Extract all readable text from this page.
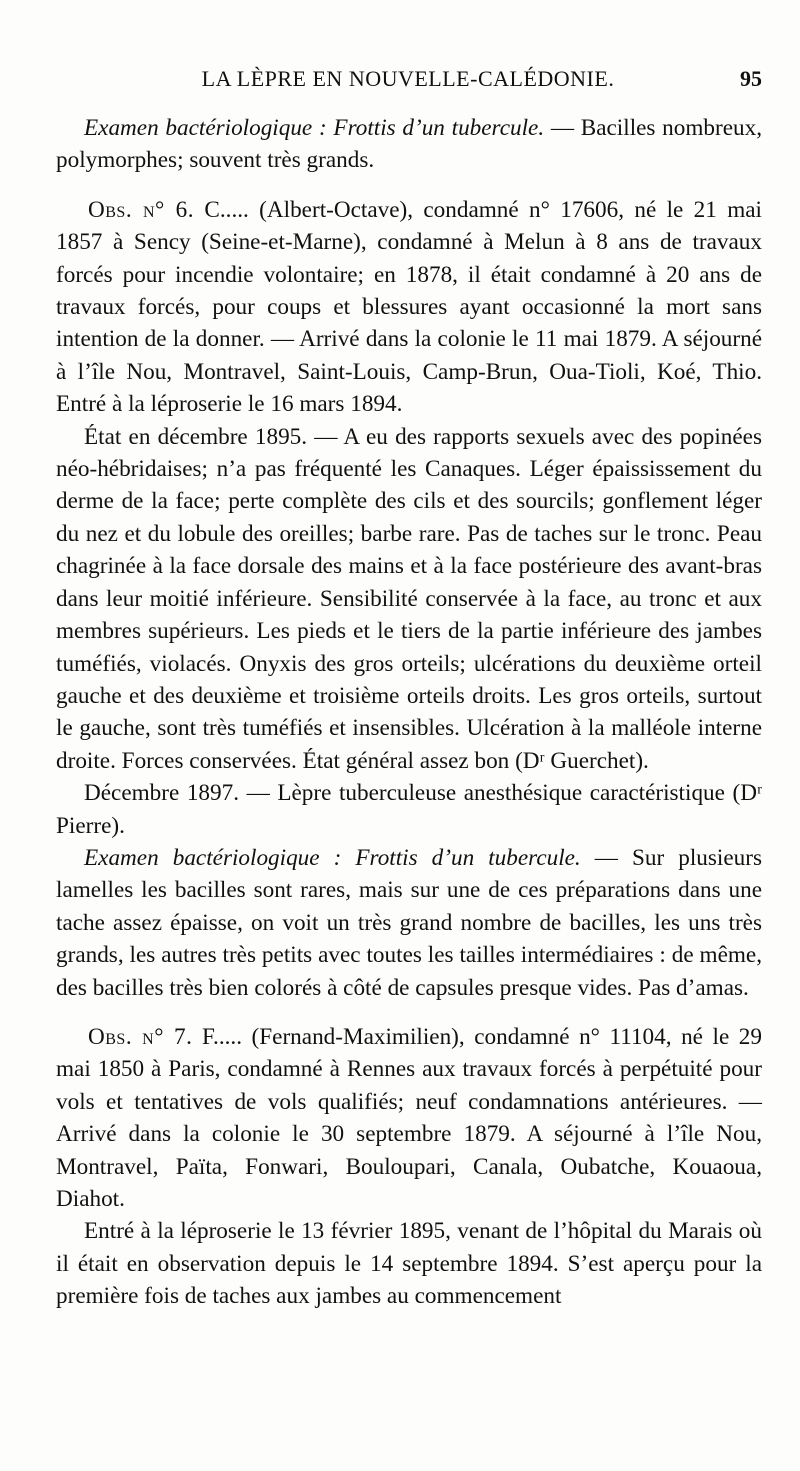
LA LÈPRE EN NOUVELLE-CALÉDONIE.	95

Examen bactériologique : Frottis d’un tubercule. — Bacilles nombreux, polymorphes; souvent très grands.

Obs. n° 6. C..... (Albert-Octave), condamné n° 17606, né le 21 mai 1857 à Sency (Seine-et-Marne), condamné à Melun à 8 ans de travaux forcés pour incendie volontaire; en 1878, il était condamné à 20 ans de travaux forcés, pour coups et blessures ayant occasionné la mort sans intention de la donner. — Arrivé dans la colonie le 11 mai 1879. A séjourné à l’île Nou, Montravel, Saint-Louis, Camp-Brun, Oua-Tioli, Koé, Thio. Entré à la léproserie le 16 mars 1894.

État en décembre 1895. — A eu des rapports sexuels avec des popinées néo-hébridaises; n’a pas fréquenté les Canaques. Léger épaississement du derme de la face; perte complète des cils et des sourcils; gonflement léger du nez et du lobule des oreilles; barbe rare. Pas de taches sur le tronc. Peau chagrinée à la face dorsale des mains et à la face postérieure des avant-bras dans leur moitié inférieure. Sensibilité conservée à la face, au tronc et aux membres supérieurs. Les pieds et le tiers de la partie inférieure des jambes tuméfiés, violacés. Onyxis des gros orteils; ulcérations du deuxième orteil gauche et des deuxième et troisième orteils droits. Les gros orteils, surtout le gauche, sont très tuméfiés et insensibles. Ulcération à la malléole interne droite. Forces conservées. État général assez bon (Dʳ Guerchet).

Décembre 1897. — Lèpre tuberculeuse anesthésique caractéristique (Dʳ Pierre).

Examen bactériologique : Frottis d’un tubercule. — Sur plusieurs lamelles les bacilles sont rares, mais sur une de ces préparations dans une tache assez épaisse, on voit un très grand nombre de bacilles, les uns très grands, les autres très petits avec toutes les tailles intermédiaires : de même, des bacilles très bien colorés à côté de capsules presque vides. Pas d’amas.

Obs. n° 7. F..... (Fernand-Maximilien), condamné n° 11104, né le 29 mai 1850 à Paris, condamné à Rennes aux travaux forcés à perpétuité pour vols et tentatives de vols qualifiés; neuf condamnations antérieures. — Arrivé dans la colonie le 30 septembre 1879. A séjourné à l’île Nou, Montravel, Païta, Fonwari, Bouloupari, Canala, Oubatche, Kouaoua, Diahot.

Entré à la léproserie le 13 février 1895, venant de l’hôpital du Marais où il était en observation depuis le 14 septembre 1894. S’est aperçu pour la première fois de taches aux jambes au commencement
